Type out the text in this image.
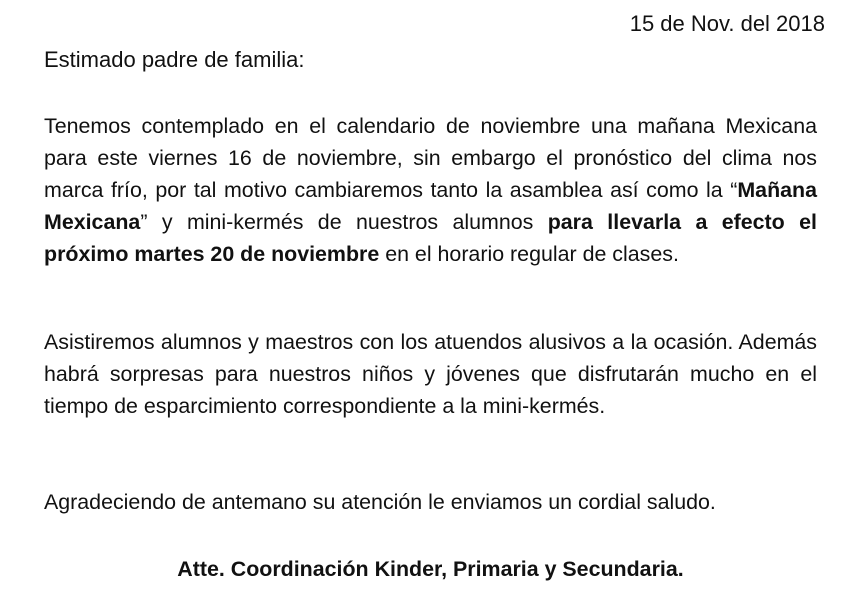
15 de Nov. del 2018
Estimado padre de familia:

Tenemos contemplado en el calendario de noviembre una mañana Mexicana para este viernes 16 de noviembre, sin embargo el pronóstico del clima nos marca frío, por tal motivo cambiaremos tanto la asamblea así como la “Mañana Mexicana” y mini-kermés de nuestros alumnos para llevarla a efecto el próximo martes 20 de noviembre en el horario regular de clases.

Asistiremos alumnos y maestros con los atuendos alusivos a la ocasión. Además habrá sorpresas para nuestros niños y jóvenes que disfrutarán mucho en el tiempo de esparcimiento correspondiente a la mini-kermés.

Agradeciendo de antemano su atención le enviamos un cordial saludo.

Atte. Coordinación Kinder, Primaria y Secundaria.
